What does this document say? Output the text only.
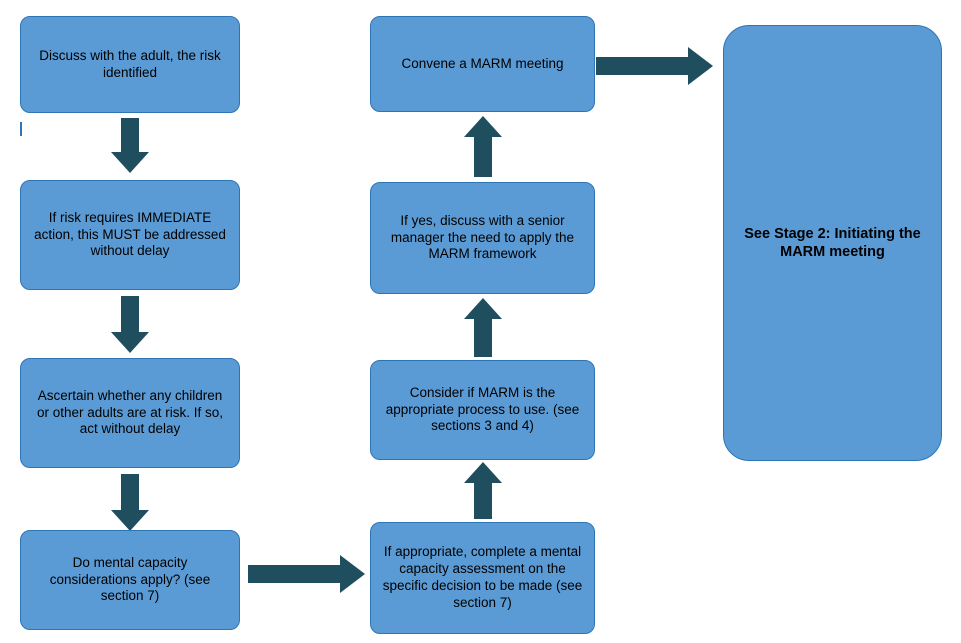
Discuss with the adult, the risk identified
If risk requires IMMEDIATE action, this MUST be addressed without delay
Ascertain whether any children or other adults are at risk. If so, act without delay
Do mental capacity considerations apply? (see section 7)
If appropriate, complete a mental capacity assessment on the specific decision to be made (see section 7)
Consider if MARM is the appropriate process to use. (see sections 3 and 4)
If yes, discuss with a senior manager the need to apply the MARM framework
Convene a MARM meeting
See Stage 2: Initiating the MARM meeting
